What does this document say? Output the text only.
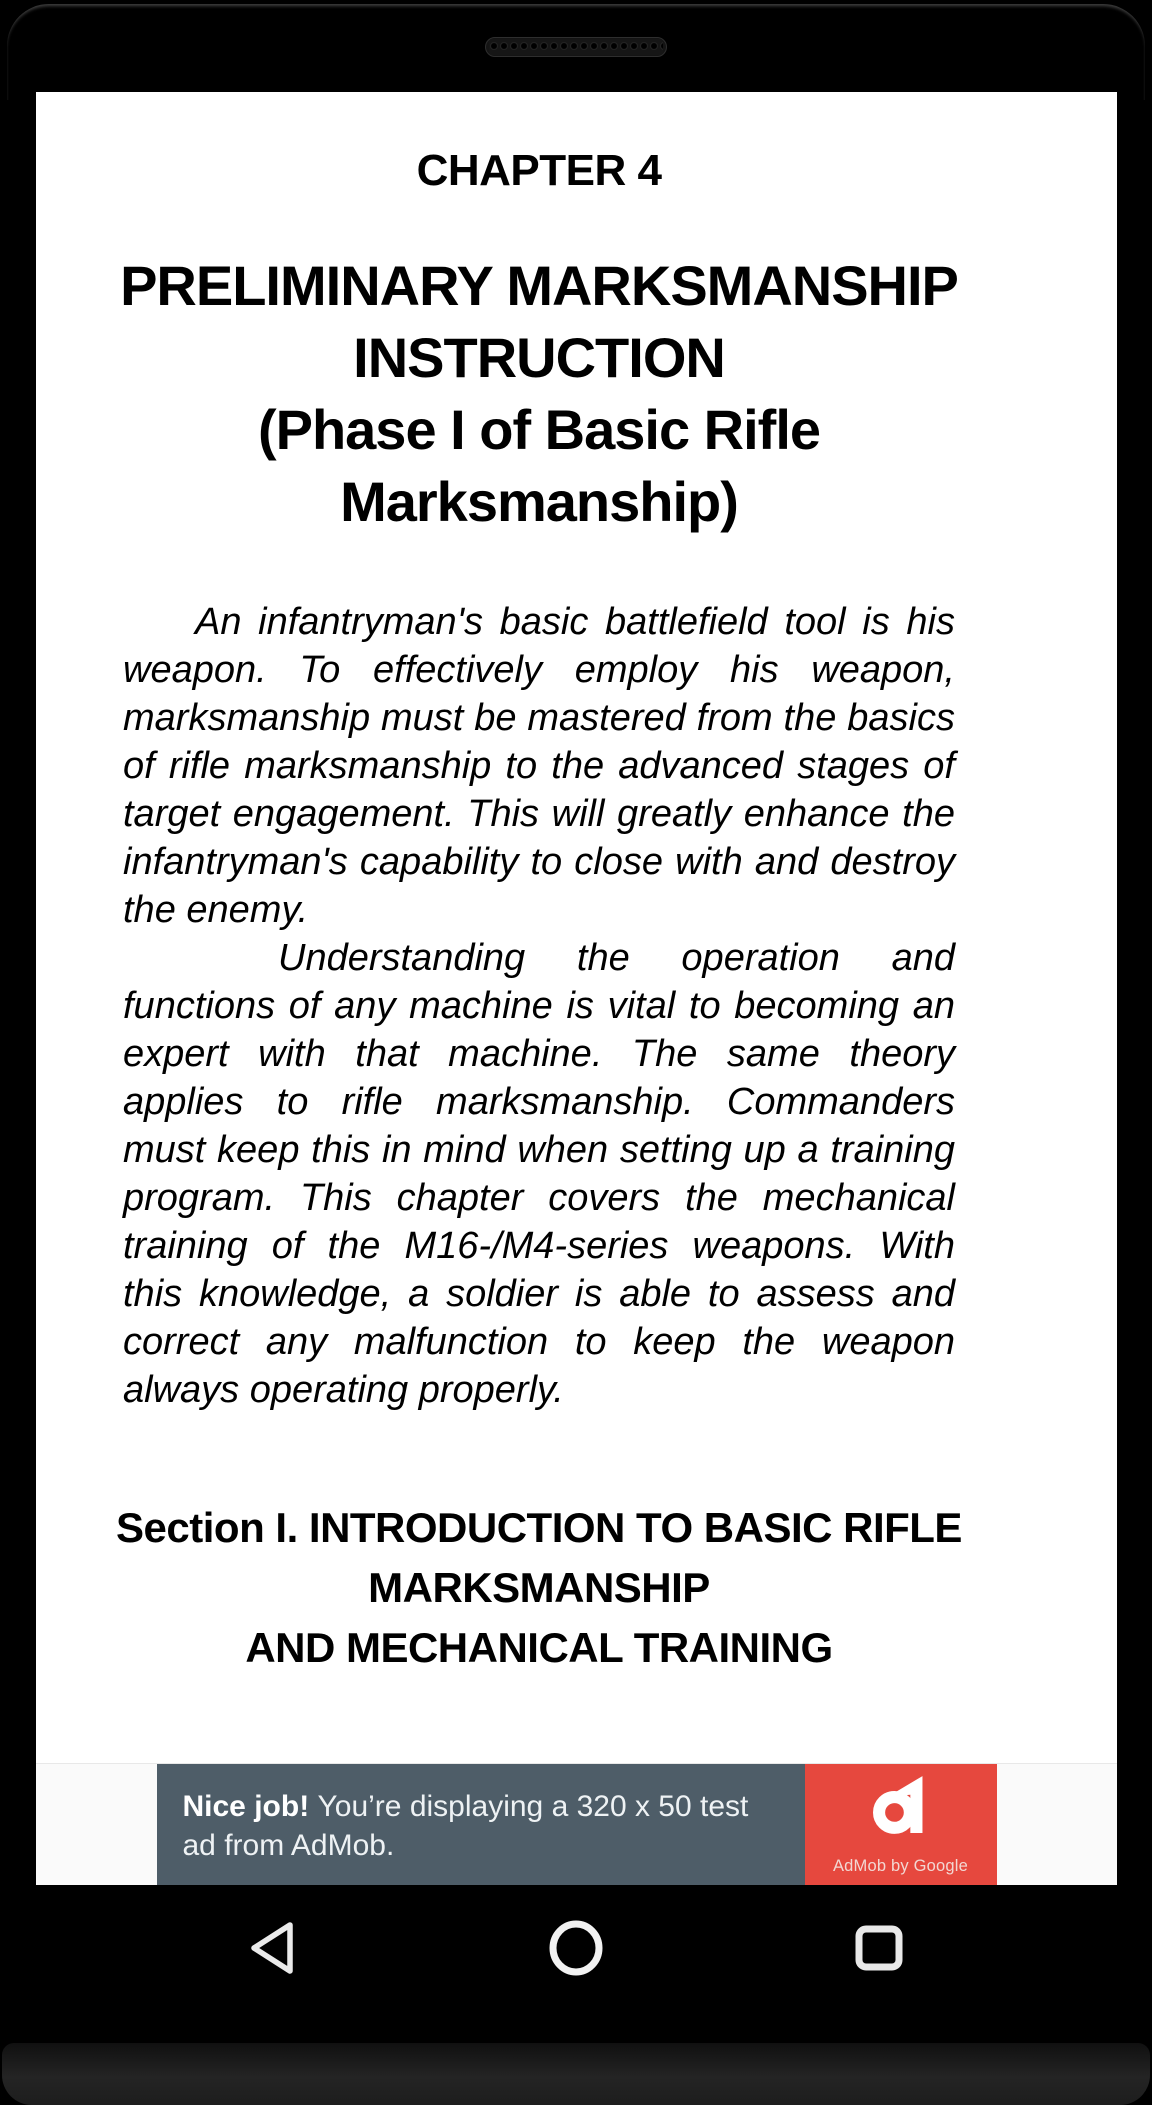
CHAPTER 4
PRELIMINARY MARKSMANSHIP
INSTRUCTION
(Phase I of Basic Rifle
Marksmanship)

An infantryman's basic battlefield tool is his weapon. To effectively employ his weapon, marksmanship must be mastered from the basics of rifle marksmanship to the advanced stages of target engagement. This will greatly enhance the infantryman's capability to close with and destroy the enemy.

Understanding the operation and functions of any machine is vital to becoming an expert with that machine. The same theory applies to rifle marksmanship. Commanders must keep this in mind when setting up a training program. This chapter covers the mechanical training of the M16-/M4-series weapons. With this knowledge, a soldier is able to assess and correct any malfunction to keep the weapon always operating properly.

Section I. INTRODUCTION TO BASIC RIFLE
MARKSMANSHIP
AND MECHANICAL TRAINING
Nice job! You’re displaying a 320 x 50 test ad from AdMob.
AdMob by Google
